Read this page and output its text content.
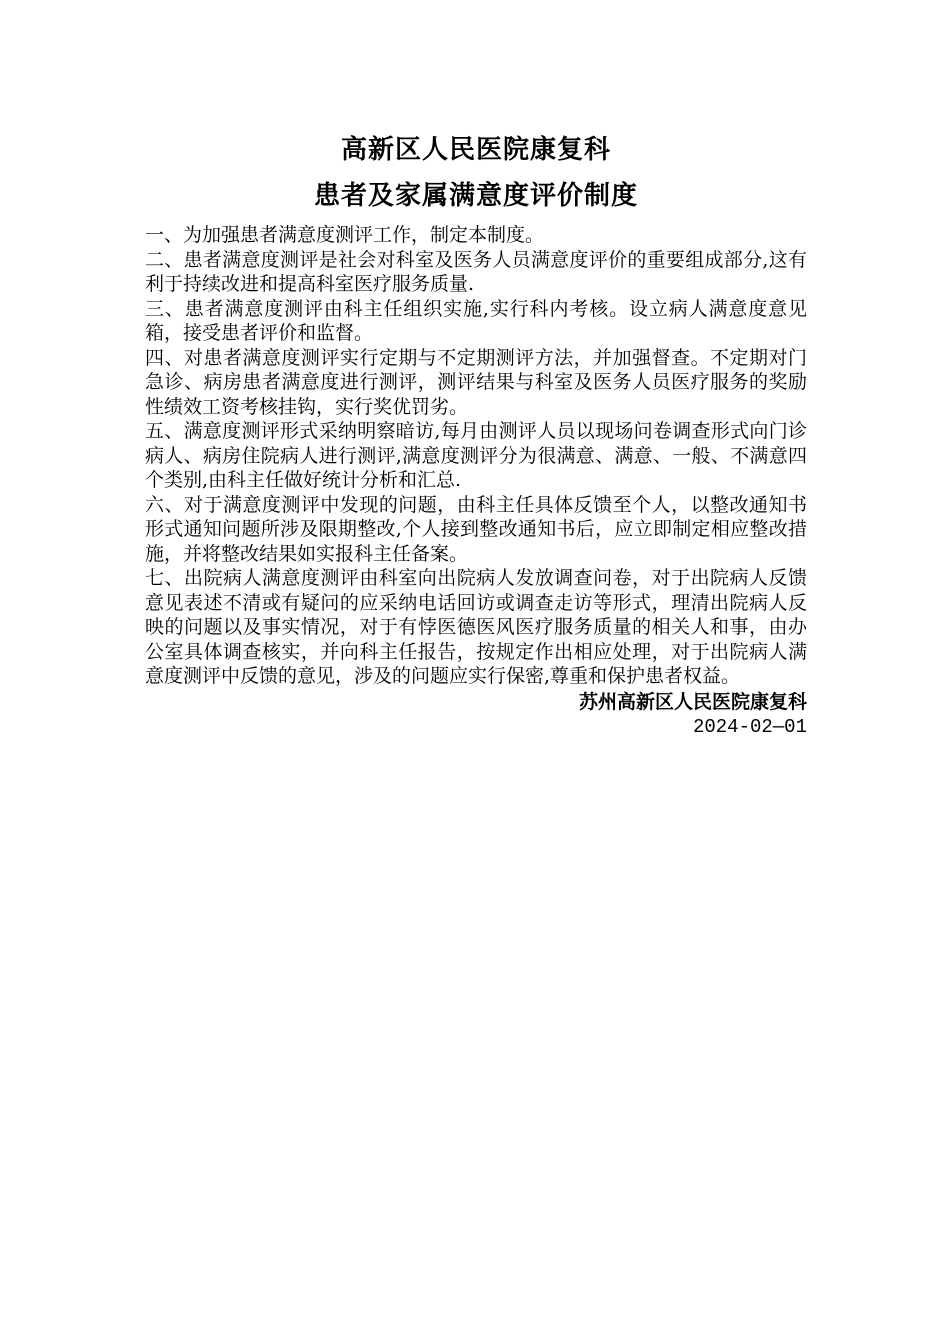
高新区人民医院康复科
患者及家属满意度评价制度

一、为加强患者满意度测评工作，制定本制度。

二、患者满意度测评是社会对科室及医务人员满意度评价的重要组成部分,这有利于持续改进和提高科室医疗服务质量.

三、患者满意度测评由科主任组织实施,实行科内考核。设立病人满意度意见箱，接受患者评价和监督。

四、对患者满意度测评实行定期与不定期测评方法，并加强督查。不定期对门急诊、病房患者满意度进行测评，测评结果与科室及医务人员医疗服务的奖励性绩效工资考核挂钩，实行奖优罚劣。

五、满意度测评形式采纳明察暗访,每月由测评人员以现场问卷调查形式向门诊病人、病房住院病人进行测评,满意度测评分为很满意、满意、一般、不满意四个类别,由科主任做好统计分析和汇总.

六、对于满意度测评中发现的问题，由科主任具体反馈至个人，以整改通知书形式通知问题所涉及限期整改,个人接到整改通知书后，应立即制定相应整改措施，并将整改结果如实报科主任备案。

七、出院病人满意度测评由科室向出院病人发放调查问卷，对于出院病人反馈意见表述不清或有疑问的应采纳电话回访或调查走访等形式，理清出院病人反映的问题以及事实情况，对于有悖医德医风医疗服务质量的相关人和事，由办公室具体调查核实，并向科主任报告，按规定作出相应处理，对于出院病人满意度测评中反馈的意见，涉及的问题应实行保密,尊重和保护患者权益。

苏州高新区人民医院康复科
2024-02—01
